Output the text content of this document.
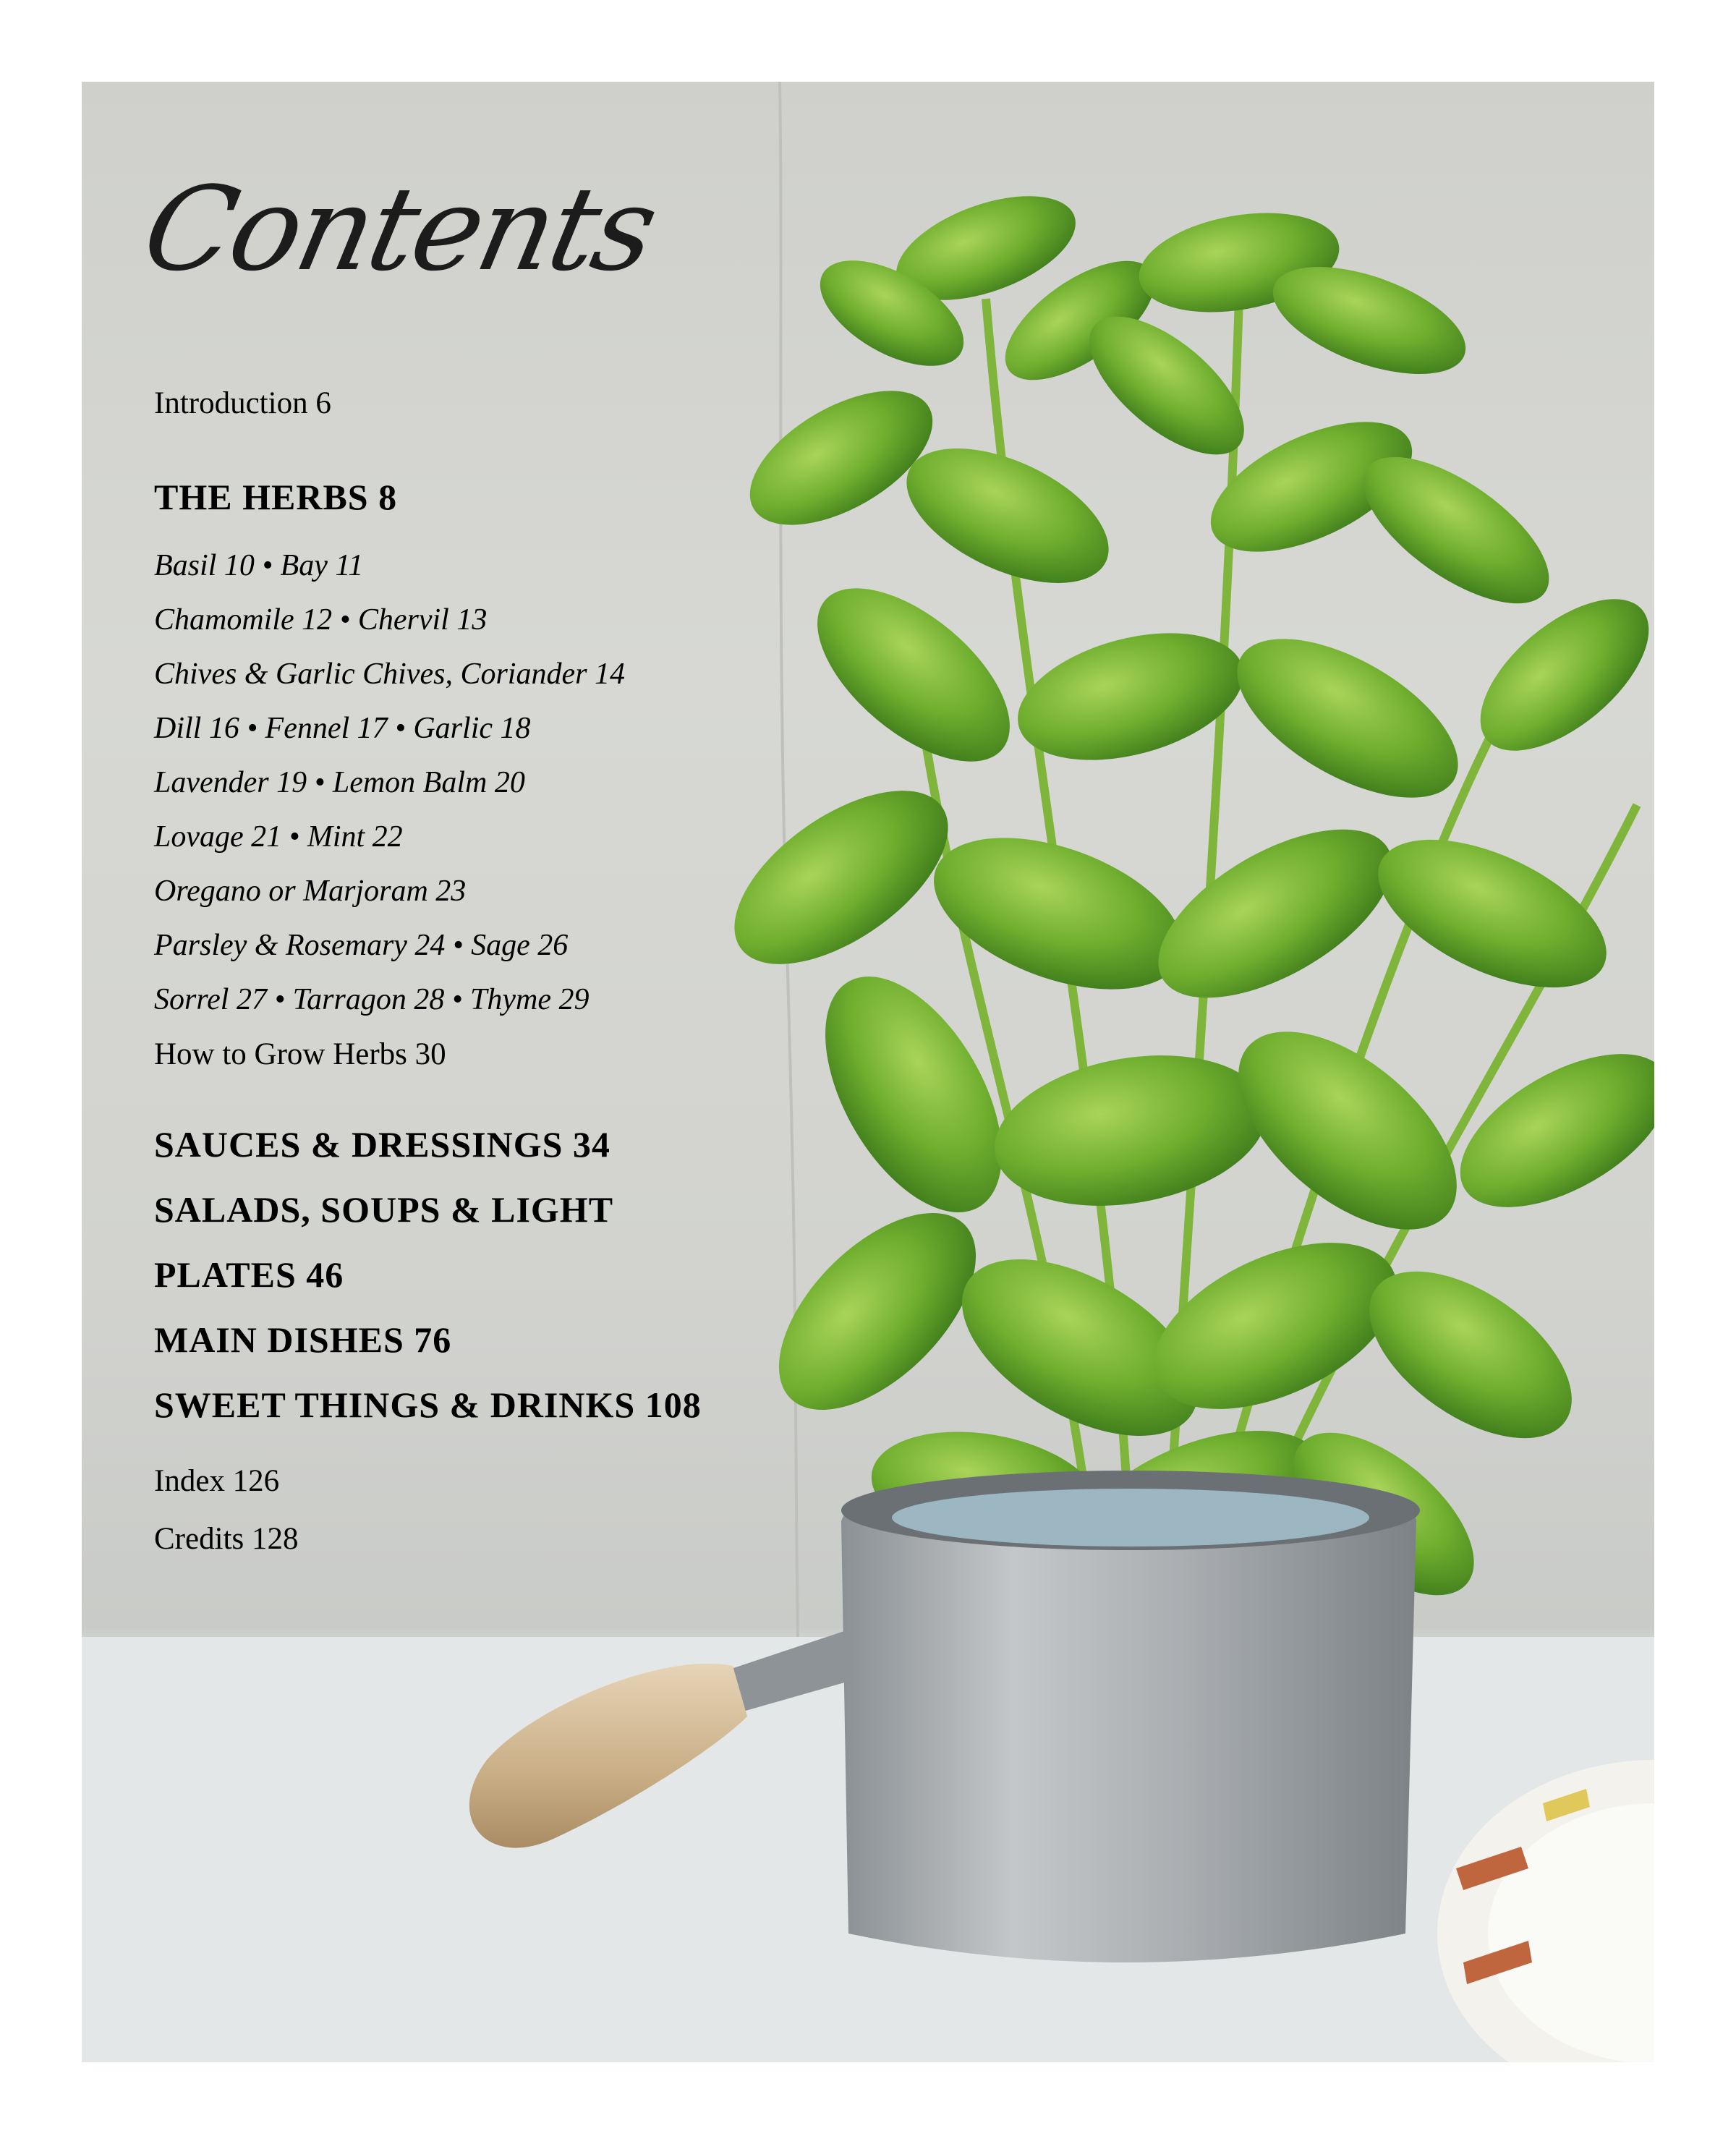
Contents
Introduction 6
THE HERBS 8
Basil 10 • Bay 11
Chamomile 12 • Chervil 13
Chives & Garlic Chives, Coriander 14
Dill 16 • Fennel 17 • Garlic 18
Lavender 19 • Lemon Balm 20
Lovage 21 • Mint 22
Oregano or Marjoram 23
Parsley & Rosemary 24 • Sage 26
Sorrel 27 • Tarragon 28 • Thyme 29
How to Grow Herbs 30
SAUCES & DRESSINGS 34
SALADS, SOUPS & LIGHT
PLATES 46
MAIN DISHES 76
SWEET THINGS & DRINKS 108
Index 126
Credits 128
